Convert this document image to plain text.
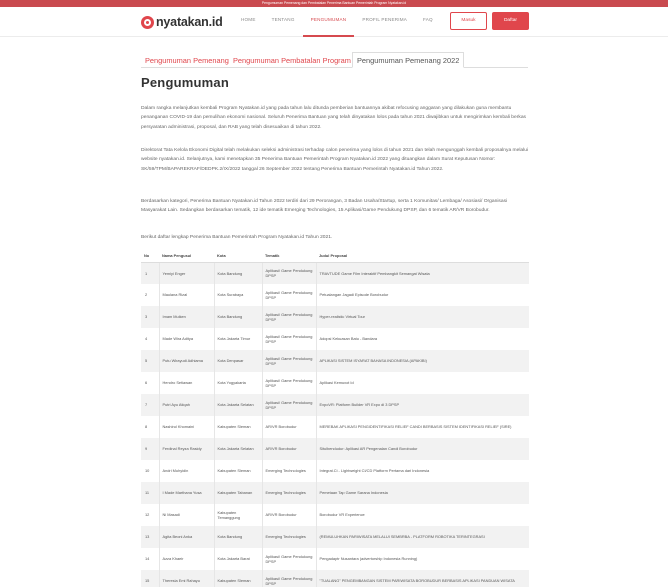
Pengumuman Pemenang dan Pembatalan Penerima Bantuan Pemerintah Program Nyatakan.id
nyatakan.id	HOME	TENTANG	PENGUMUMAN	PROFIL PENERIMA	FAQ	Masuk	Daftar
Pengumuman Pemenang Pengumuman Pembatalan Program Pengumuman Pemenang 2022
Pengumuman

Dalam rangka melanjutkan kembali Program Nyatakan.id yang pada tahun lalu ditunda pemberian bantuannya akibat refocusing anggaran yang dilakukan guna membantu penanganan COVID-19 dan pemulihan ekonomi nasional. Seluruh Penerima Bantuan yang telah dinyatakan lolos pada tahun 2021 diwajibkan untuk mengirimkan kembali berkas persyaratan administrasi, proposal, dan RAB yang telah disesuaikan di tahun 2022.

Direktorat Tata Kelola Ekonomi Digital telah melakukan seleksi administrasi terhadap calon penerima yang lolos di tahun 2021 dan telah mengunggah kembali proposalnya melalui website nyatakan.id. Selanjutnya, kami menetapkan 35 Penerima Bantuan Pemerintah Program Nyatakan.id 2022 yang dituangkan dalam Surat Keputusan Nomor: SK/59/TPM/BAPAREKRAF/DEDPK.2/IX/2022 tanggal 26 September 2022 tentang Penerima Bantuan Pemerintah Nyatakan.id Tahun 2022.

Berdasarkan kategori, Penerima Bantuan Nyatakan.id Tahun 2022 terdiri dari 29 Perorangan, 3 Badan Usaha/Startup, serta 1 Komunitas/ Lembaga/ Asosiasi/ Organisasi Masyarakat Lain. Sedangkan berdasarkan tematik, 12 ide tematik Emerging Technologies, 15 Aplikasi/Game Pendukung DPSP, dan 6 tematik AR/VR Borobudur.

Berikut daftar lengkap Penerima Bantuan Pemerintah Program Nyatakan.id Tahun 2021.

No	Nama Pengusul	Kota	Tematik	Judul Proposal
1	Yemiyi Enger	Kota Bandung	Aplikasi/ Game Pendukung DPSP	TRAVTUDE Game Film Interaktif Pembangkit Semangat Wisata
2	Maulana Rizal	Kota Surabaya	Aplikasi/ Game Pendukung DPSP	Petualangan Jagadi Episode Borobudur
3	Imam Muiken	Kota Bandung	Aplikasi/ Game Pendukung DPSP	Hyper-realistic Virtual Tour
4	Made Wira Aditya	Kota Jakarta Timur	Aplikasi/ Game Pendukung DPSP	Adopsi Kekuasan Batu - Bandara
5	Putu Wirayudi Adhiama	Kota Denpasar	Aplikasi/ Game Pendukung DPSP	APLIKASI SISTEM ISYARAT BAHASA INDONESIA (APAKIBI)
6	Hendro Setiawan	Kota Yogyakarta	Aplikasi/ Game Pendukung DPSP	Aplikasi Kemuxot Id
7	Putri Ayu Atiqah	Kota Jakarta Selatan	Aplikasi/ Game Pendukung DPSP	ExpoVR: Platform Builder VR Expo di 3 DPSP
8	Nashirul Khomaini	Kabupaten Sleman	AR/VR Borobudur	MEREBAK APLIKASI PENGIDENTIFIKASI RELIEF CANDI BERBASIS SISTEM IDENTIFIKASI RELIEF (SIRE)
9	Ferdinal Reyza Rasidy	Kota Jakarta Selatan	AR/VR Borobudur	Situlbendudur: Aplikasi AR Pengenalan Candi Borobudur
10	Andri Muhyidin	Kabupaten Sleman	Emerging Technologies	Integrat.Ci - Lightweight CI/CD Platform Pertama dari Indonesia
11	I Made Marthana Yusa	Kabupaten Tabanan	Emerging Technologies	Pemetaan Tap Game Sarana Indonesia
12	Ni Masadi	Kabupaten Temanggung	AR/VR Borobudur	Borobudur VR Experience
13	Agita Beoni Anka	Kota Bandung	Emerging Technologies	(REMULUHKAN PARIWISATA MELALUI SEMBRBA - PLATFORM ROBOTIKA TERINTEGRASI
14	Azza Khaeir	Kota Jakarta Barat	Aplikasi/ Game Pendukung DPSP	Pengadaptr Nusantara (advertorship Indonesia Running)
15	Theresia Emi Rahayu	Kabupaten Sleman	Aplikasi/ Game Pendukung DPSP	"TUALANG" PENGEMBANGAN SISTEM PARIWISATA BOROBUDUR BERBASIS APLIKASI PANDUAN WISATA
